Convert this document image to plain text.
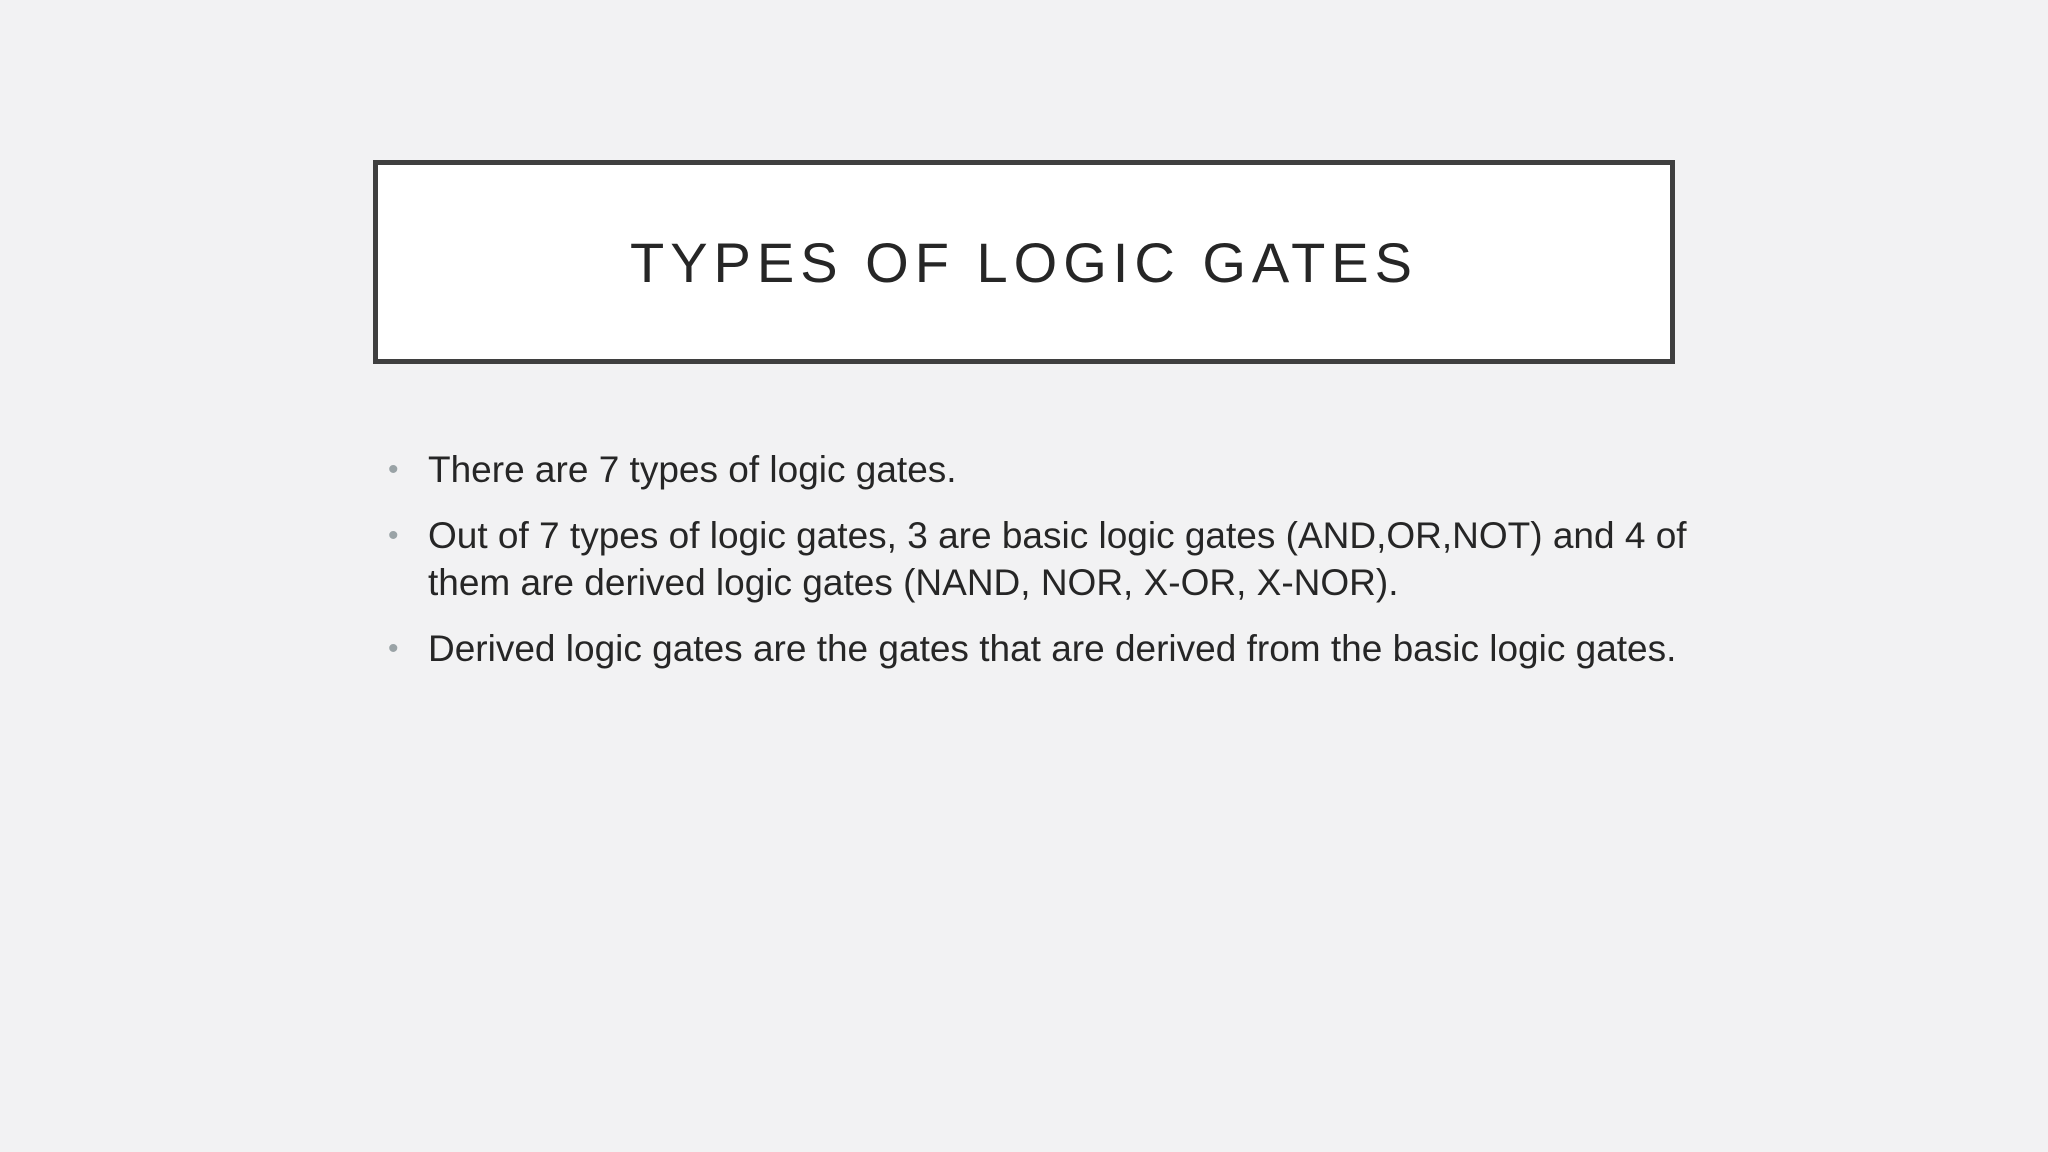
TYPES OF LOGIC GATES
• There are 7 types of logic gates.
• Out of 7 types of logic gates, 3 are basic logic gates (AND,OR,NOT) and 4 of them are derived logic gates (NAND, NOR, X-OR, X-NOR).
• Derived logic gates are the gates that are derived from the basic logic gates.
